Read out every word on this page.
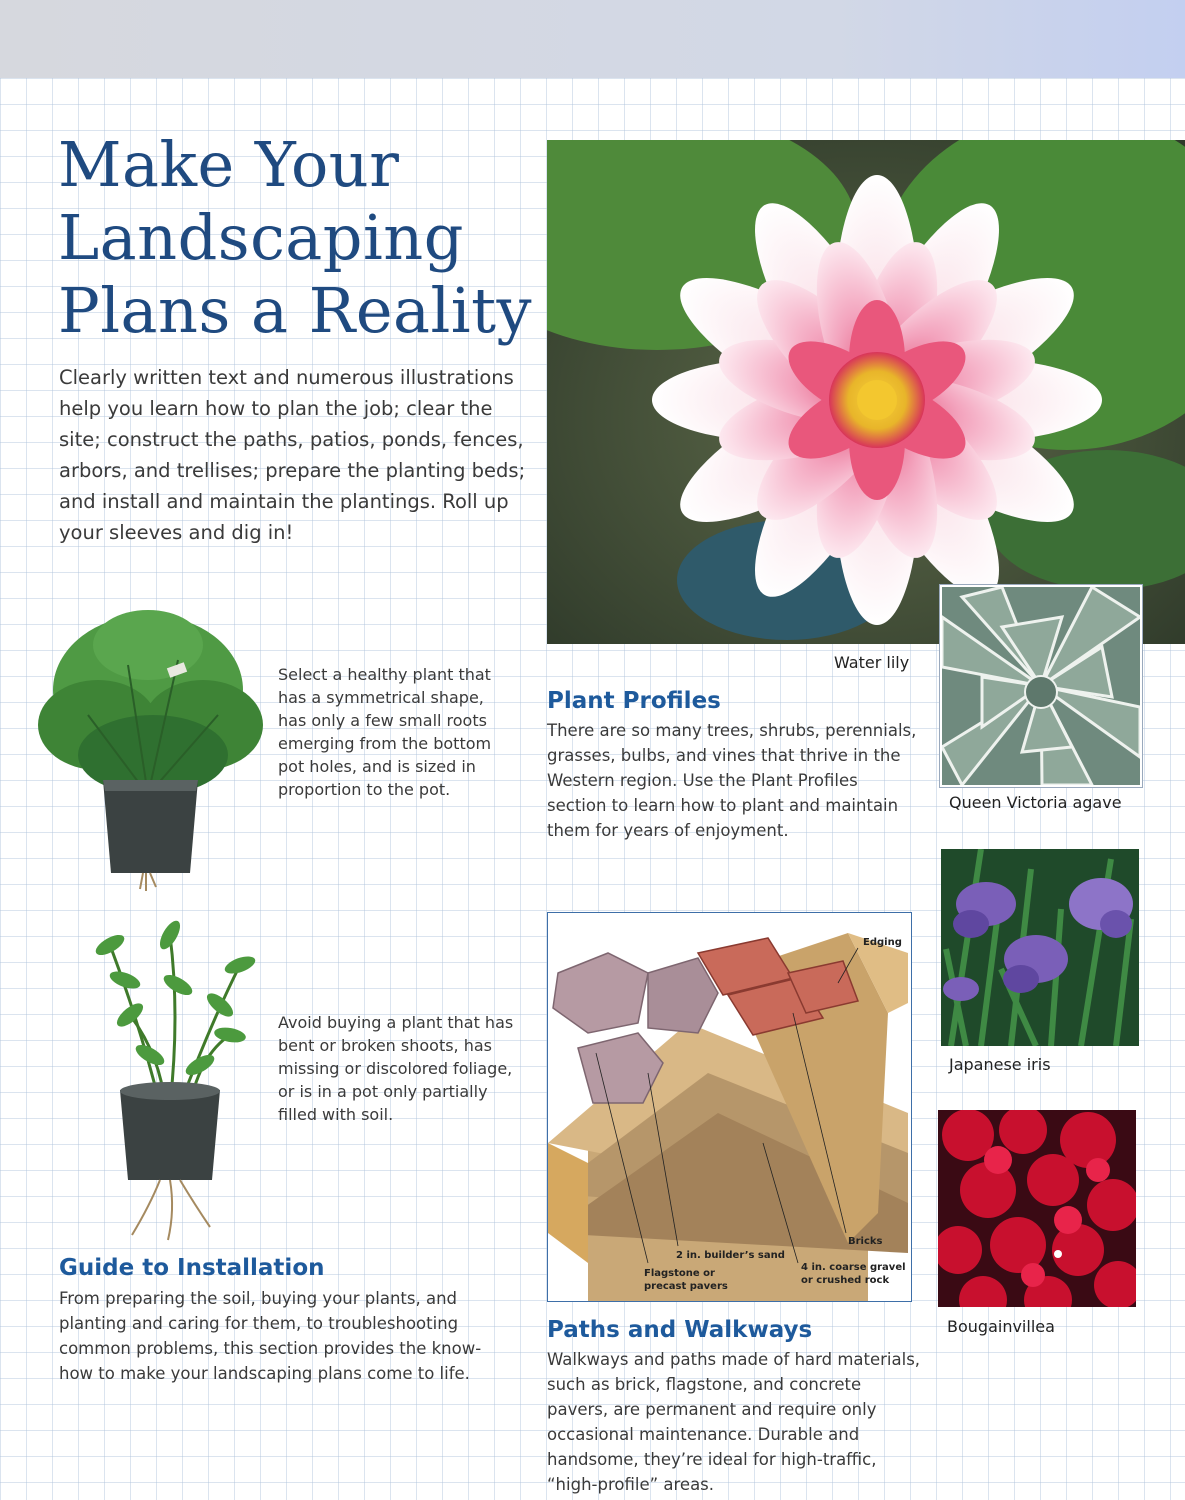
Make Your Landscaping Plans a Reality

Clearly written text and numerous illustrations help you learn how to plan the job; clear the site; construct the paths, patios, ponds, fences, arbors, and trellises; prepare the planting beds; and install and maintain the plantings. Roll up your sleeves and dig in!

Water lily

Select a healthy plant that has a symmetrical shape, has only a few small roots emerging from the bottom pot holes, and is sized in proportion to the pot.

Avoid buying a plant that has bent or broken shoots, has missing or discolored foliage, or is in a pot only partially filled with soil.

Guide to Installation

From preparing the soil, buying your plants, and planting and caring for them, to troubleshooting common problems, this section provides the know-how to make your landscaping plans come to life.

Plant Profiles

There are so many trees, shrubs, perennials, grasses, bulbs, and vines that thrive in the Western region. Use the Plant Profiles section to learn how to plant and maintain them for years of enjoyment.

Queen Victoria agave
Japanese iris
Bougainvillea
Edging
Bricks
2 in. builder’s sand
Flagstone or
precast pavers
4 in. coarse gravel
or crushed rock
Paths and Walkways

Walkways and paths made of hard materials, such as brick, flagstone, and concrete pavers, are permanent and require only occasional maintenance. Durable and handsome, they’re ideal for high-traffic, “high-profile” areas.
